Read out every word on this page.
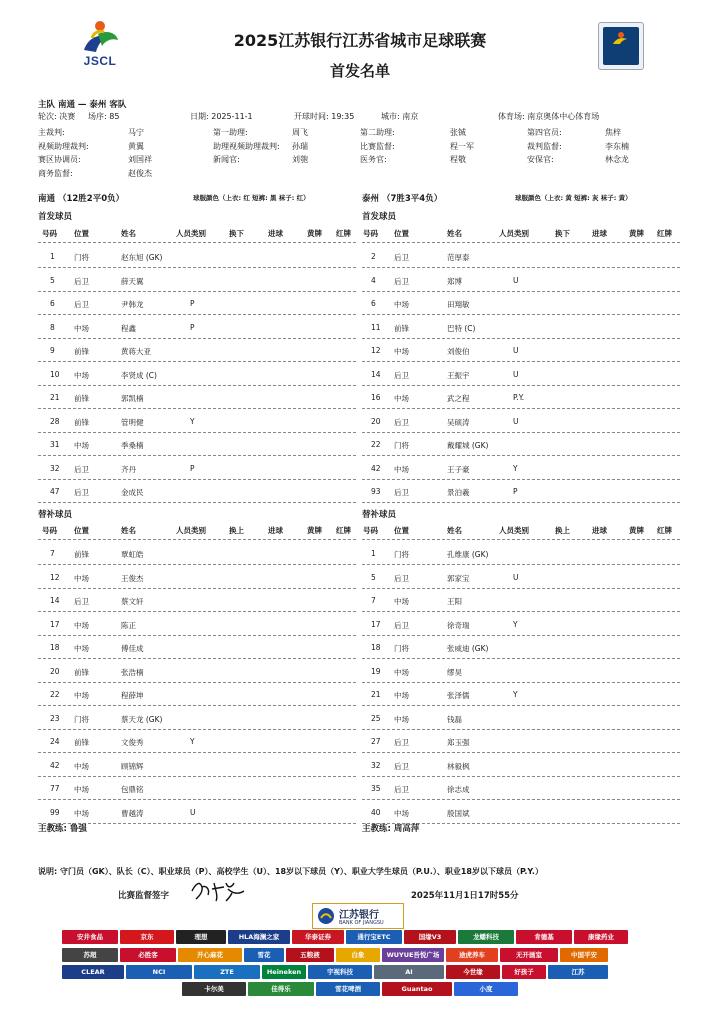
JSCL
2025江苏银行江苏省城市足球联赛
首发名单
主队 南通 — 泰州 客队
轮次: 决赛 场序: 85	日期: 2025-11-1	开球时间: 19:35	城市: 南京	体育场: 南京奥体中心体育场
主裁判:	马宁	第一助理:	周飞	第二助理:	张铖	第四官员:	焦梓
视频助理裁判:	黄翼	助理视频助理裁判: 孙瑞	比赛监督:	程一军	裁判监督:	李东楠
赛区协调员:	刘国祥	新闻官:	刘匏	医务官:	程敬	安保官:	林念龙
商务监督:	赵俊杰
南通 （12胜2平0负）	球服颜色（上衣: 红 短裤: 黑 袜子: 红）
首发球员
号码 位置	姓名	人员类别	换下	进球	黄牌 红牌
1	门将	赵东旭 (GK)
5	后卫	薛天翼
6	后卫	尹韩龙	P
8	中场	程鑫	P
9	前锋	黄蒋大亚
10 中场	李贤成 (C)
21 前锋	郭凯楠
28 前锋	管明健	Y
31 中场	季桑楠
32 后卫	齐丹	P
47 后卫	金成民
替补球员
号码 位置	姓名	人员类别	换上	进球	黄牌 红牌
7	前锋	覃虹皓
12 中场	王俊杰
14 后卫	蔡文轩
17 中场	陈正
18 中场	傅佳成
20 前锋	张浩楠
22 中场	程薛坤
23 门将	蔡天龙 (GK)
24 前锋	文俊秀	Y
42 中场	顾锦辉
77 中场	包鼎铭
99 中场	曹越涛	U
主教练: 鲁强
泰州 （7胜3平4负）	球服颜色（上衣: 黄 短裤: 灰 袜子: 黄）
首发球员
号码 位置	姓名	人员类别	换下	进球	黄牌 红牌
2 后卫	范厚泰
4 后卫	郑博	U
6 中场	田翔敏
11 前锋	巴特 (C)
12 中场	刘俊伯	U
14 后卫	王振宇	U
16 中场	武之程	P.Y.
20 后卫	吴硕涛	U
22 门将	戴耀城 (GK)
42 中场	王子豪	Y
93 后卫	景泊羲	P
替补球员
号码 位置	姓名	人员类别	换上	进球	黄牌 红牌
1 门将	孔维康 (GK)
5 后卫	郭家宝	U
7 中场	王阳
17 后卫	徐奇瑞	Y
18 门将	张威迪 (GK)
19 中场	缪昊
21 中场	张泽儒	Y
25 中场	钱磊
27 后卫	郑玉强
32 后卫	林毅枫
35 后卫	徐志成
40 中场	殷国斌
主教练: 周高萍
说明: 守门员（GK）、队长（C）、职业球员（P）、高校学生（U）、18岁以下球员（Y）、职业大学生球员（P.U.）、职业18岁以下球员（P.Y.）
比赛监督签字	2025年11月1日17时55分
江苏银行
BANK OF JIANGSU
安井食品	京东	理想	HLA海澜之家	华泰证券	通行宝ETC	国缘V3	龙蟠科技	肯德基	康缘药业
苏超	必胜客	开心麻花	雪花	五粮液	白象	WUYUE吾悦广场	途虎养车	无开画室	中国平安
CLEAR	NCI	ZTE	Heineken	宇视科技	AI	今世缘	好孩子	江苏
卡尔美	佳得乐	雪花啤酒	Guantao	小度
